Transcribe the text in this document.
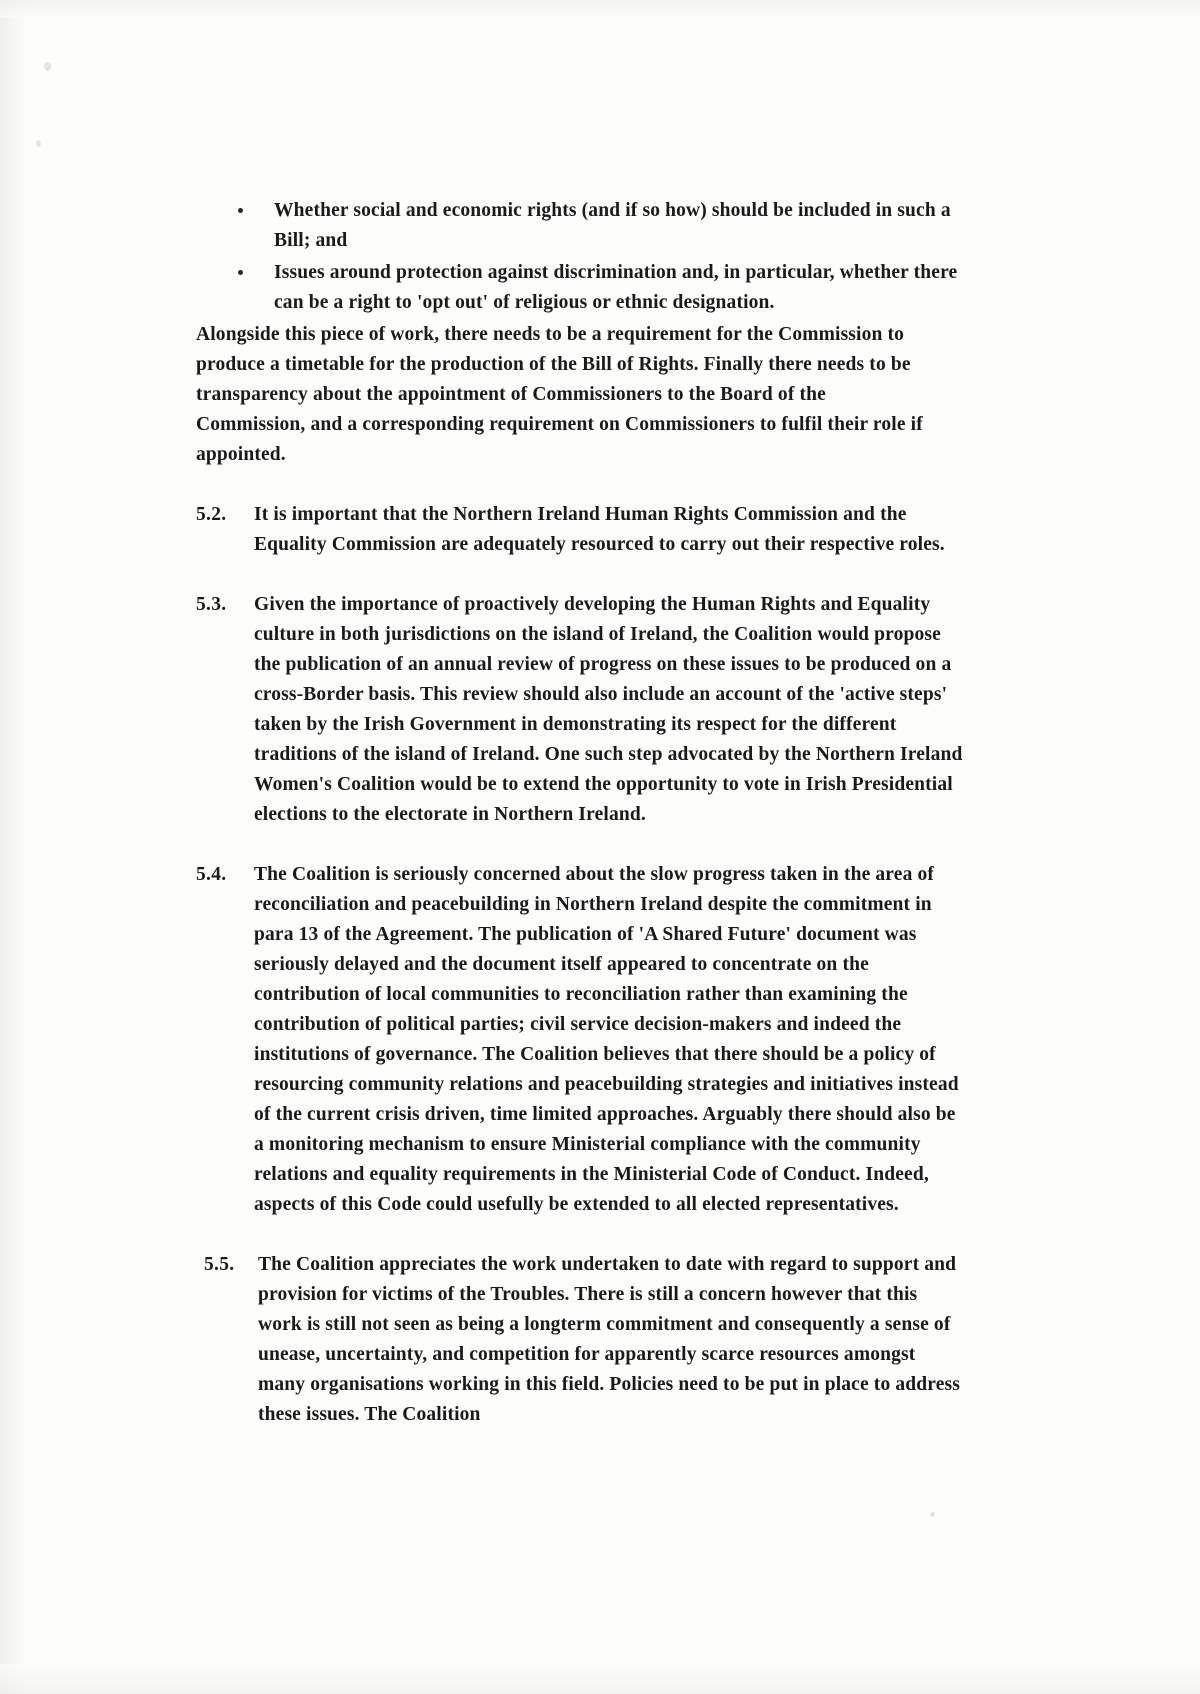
Whether social and economic rights (and if so how) should be included in such a Bill; and
Issues around protection against discrimination and, in particular, whether there can be a right to 'opt out' of religious or ethnic designation.

Alongside this piece of work, there needs to be a requirement for the Commission to produce a timetable for the production of the Bill of Rights. Finally there needs to be transparency about the appointment of Commissioners to the Board of the Commission, and a corresponding requirement on Commissioners to fulfil their role if appointed.

5.2.	It is important that the Northern Ireland Human Rights Commission and the Equality Commission are adequately resourced to carry out their respective roles.
5.3.	Given the importance of proactively developing the Human Rights and Equality culture in both jurisdictions on the island of Ireland, the Coalition would propose the publication of an annual review of progress on these issues to be produced on a cross-Border basis. This review should also include an account of the 'active steps' taken by the Irish Government in demonstrating its respect for the different traditions of the island of Ireland. One such step advocated by the Northern Ireland Women's Coalition would be to extend the opportunity to vote in Irish Presidential elections to the electorate in Northern Ireland.
5.4.	The Coalition is seriously concerned about the slow progress taken in the area of reconciliation and peacebuilding in Northern Ireland despite the commitment in para 13 of the Agreement. The publication of 'A Shared Future' document was seriously delayed and the document itself appeared to concentrate on the contribution of local communities to reconciliation rather than examining the contribution of political parties; civil service decision-makers and indeed the institutions of governance. The Coalition believes that there should be a policy of resourcing community relations and peacebuilding strategies and initiatives instead of the current crisis driven, time limited approaches. Arguably there should also be a monitoring mechanism to ensure Ministerial compliance with the community relations and equality requirements in the Ministerial Code of Conduct. Indeed, aspects of this Code could usefully be extended to all elected representatives.
5.5.	The Coalition appreciates the work undertaken to date with regard to support and provision for victims of the Troubles. There is still a concern however that this work is still not seen as being a longterm commitment and consequently a sense of unease, uncertainty, and competition for apparently scarce resources amongst many organisations working in this field. Policies need to be put in place to address these issues. The Coalition
